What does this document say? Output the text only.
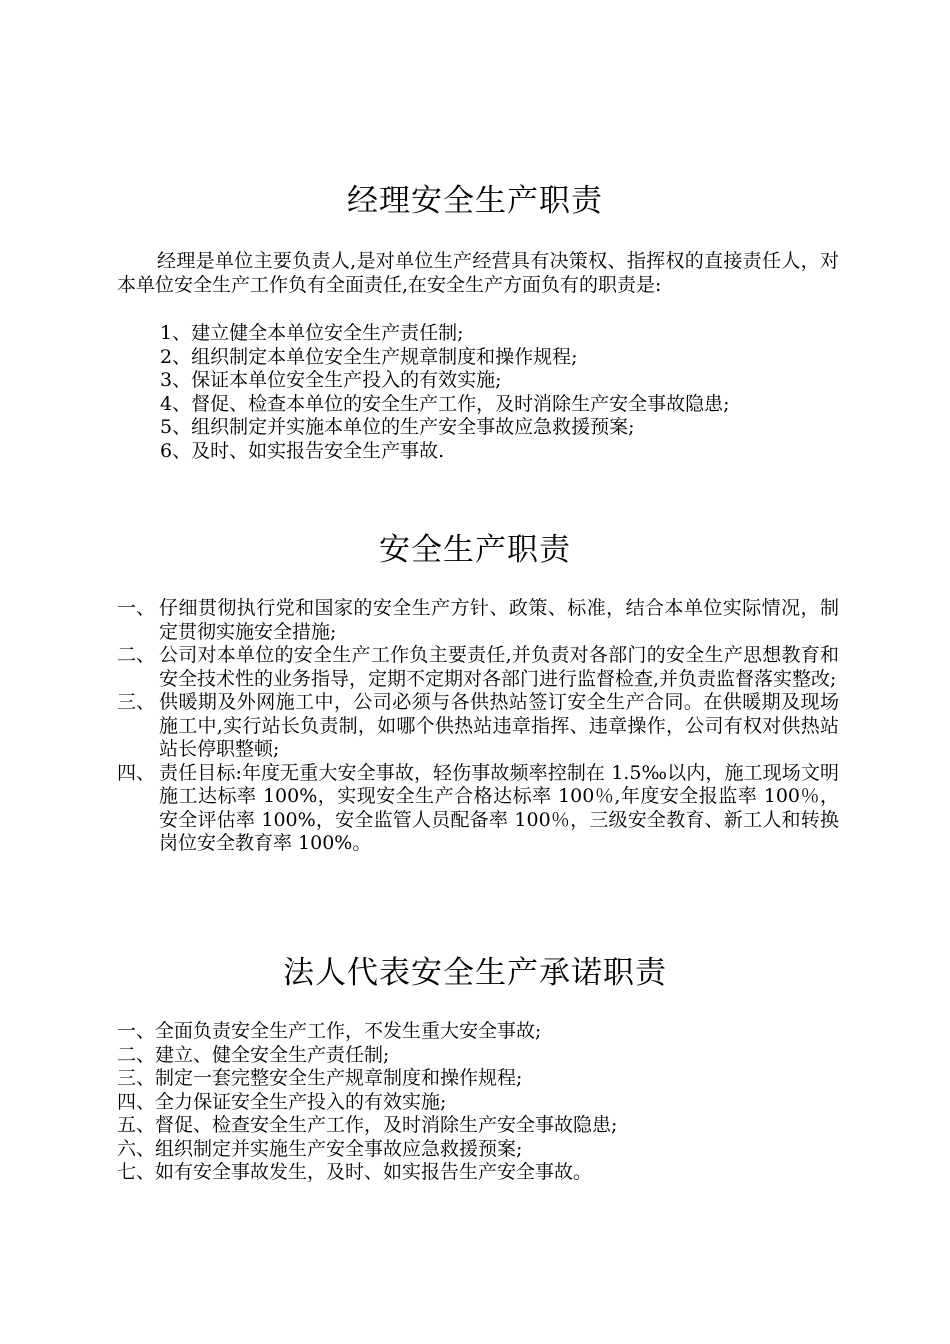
经理安全生产职责

经理是单位主要负责人,是对单位生产经营具有决策权、指挥权的直接责任人，对本单位安全生产工作负有全面责任,在安全生产方面负有的职责是:

1、建立健全本单位安全生产责任制;
2、组织制定本单位安全生产规章制度和操作规程;
3、保证本单位安全生产投入的有效实施;
4、督促、检查本单位的安全生产工作，及时消除生产安全事故隐患;
5、组织制定并实施本单位的生产安全事故应急救援预案;
6、及时、如实报告安全生产事故.
安全生产职责
一、 仔细贯彻执行党和国家的安全生产方针、政策、标准，结合本单位实际情况，制定贯彻实施安全措施;
二、 公司对本单位的安全生产工作负主要责任,并负责对各部门的安全生产思想教育和安全技术性的业务指导，定期不定期对各部门进行监督检查,并负责监督落实整改;
三、 供暖期及外网施工中，公司必须与各供热站签订安全生产合同。在供暖期及现场施工中,实行站长负责制，如哪个供热站违章指挥、违章操作，公司有权对供热站站长停职整顿;
四、 责任目标:年度无重大安全事故，轻伤事故频率控制在 1.5‰以内，施工现场文明施工达标率 100%，实现安全生产合格达标率 100％,年度安全报监率 100％，安全评估率 100%，安全监管人员配备率 100％，三级安全教育、新工人和转换岗位安全教育率 100%。
法人代表安全生产承诺职责
一、全面负责安全生产工作，不发生重大安全事故;
二、建立、健全安全生产责任制;
三、制定一套完整安全生产规章制度和操作规程;
四、全力保证安全生产投入的有效实施;
五、督促、检查安全生产工作，及时消除生产安全事故隐患;
六、组织制定并实施生产安全事故应急救援预案;
七、如有安全事故发生，及时、如实报告生产安全事故。
